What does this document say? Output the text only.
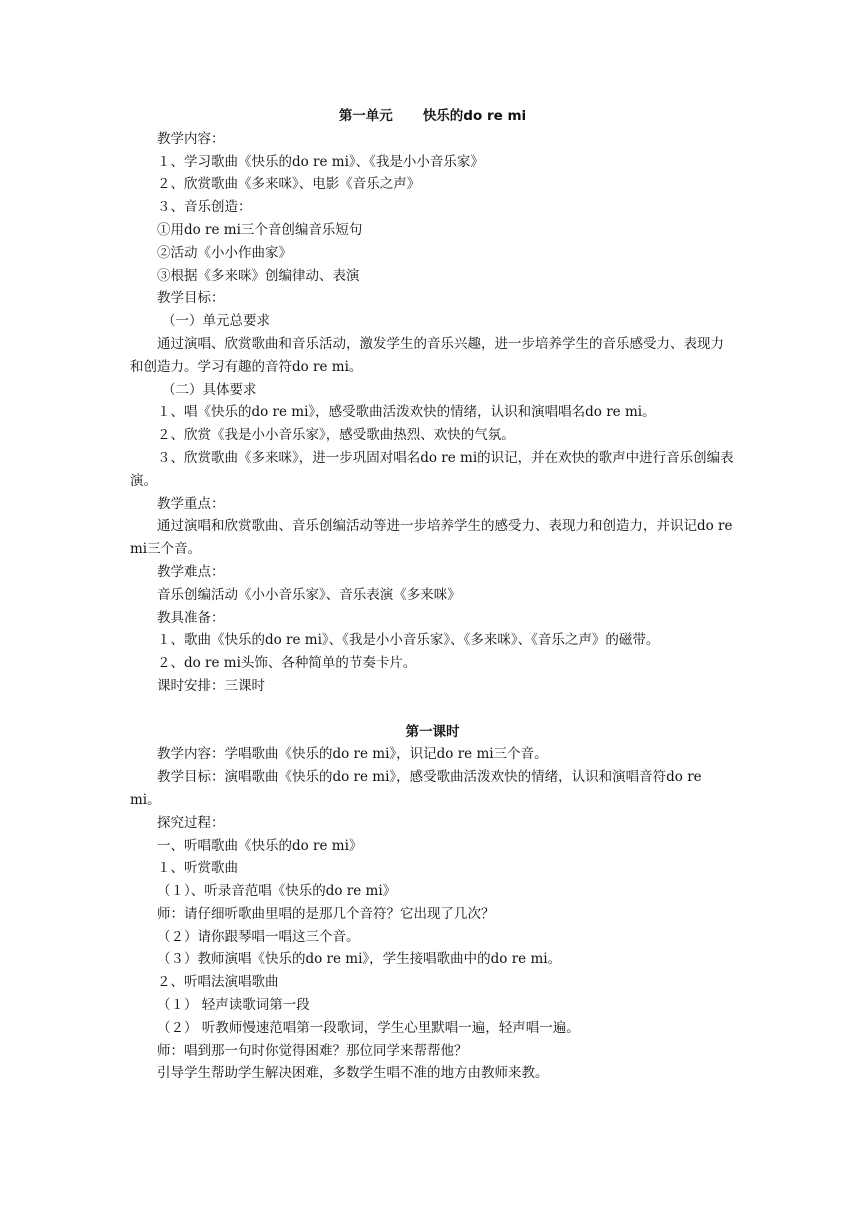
第一单元 快乐的do re mi
教学内容：
１、学习歌曲《快乐的do re mi》、《我是小小音乐家》
２、欣赏歌曲《多来咪》、电影《音乐之声》
３、音乐创造：
①用do re mi三个音创编音乐短句
②活动《小小作曲家》
③根据《多来咪》创编律动、表演
教学目标：
（一）单元总要求
通过演唱、欣赏歌曲和音乐活动，激发学生的音乐兴趣，进一步培养学生的音乐感受力、表现力和创造力。学习有趣的音符do re mi。
（二）具体要求
１、唱《快乐的do re mi》，感受歌曲活泼欢快的情绪，认识和演唱唱名do re mi。
２、欣赏《我是小小音乐家》，感受歌曲热烈、欢快的气氛。
３、欣赏歌曲《多来咪》，进一步巩固对唱名do re mi的识记，并在欢快的歌声中进行音乐创编表演。
教学重点：
通过演唱和欣赏歌曲、音乐创编活动等进一步培养学生的感受力、表现力和创造力，并识记do re mi三个音。
教学难点：
音乐创编活动《小小音乐家》、音乐表演《多来咪》
教具准备：
１、歌曲《快乐的do re mi》、《我是小小音乐家》、《多来咪》、《音乐之声》的磁带。
２、do re mi头饰、各种简单的节奏卡片。
课时安排：三课时
第一课时
教学内容：学唱歌曲《快乐的do re mi》，识记do re mi三个音。
教学目标：演唱歌曲《快乐的do re mi》，感受歌曲活泼欢快的情绪，认识和演唱音符do re mi。
探究过程：
一、听唱歌曲《快乐的do re mi》
１、听赏歌曲
（１）、听录音范唱《快乐的do re mi》
师：请仔细听歌曲里唱的是那几个音符？它出现了几次？
（２）请你跟琴唱一唱这三个音。
（３）教师演唱《快乐的do re mi》，学生接唱歌曲中的do re mi。
２、听唱法演唱歌曲
（１） 轻声读歌词第一段
（２） 听教师慢速范唱第一段歌词，学生心里默唱一遍，轻声唱一遍。
师：唱到那一句时你觉得困难？那位同学来帮帮他？
引导学生帮助学生解决困难，多数学生唱不准的地方由教师来教。
